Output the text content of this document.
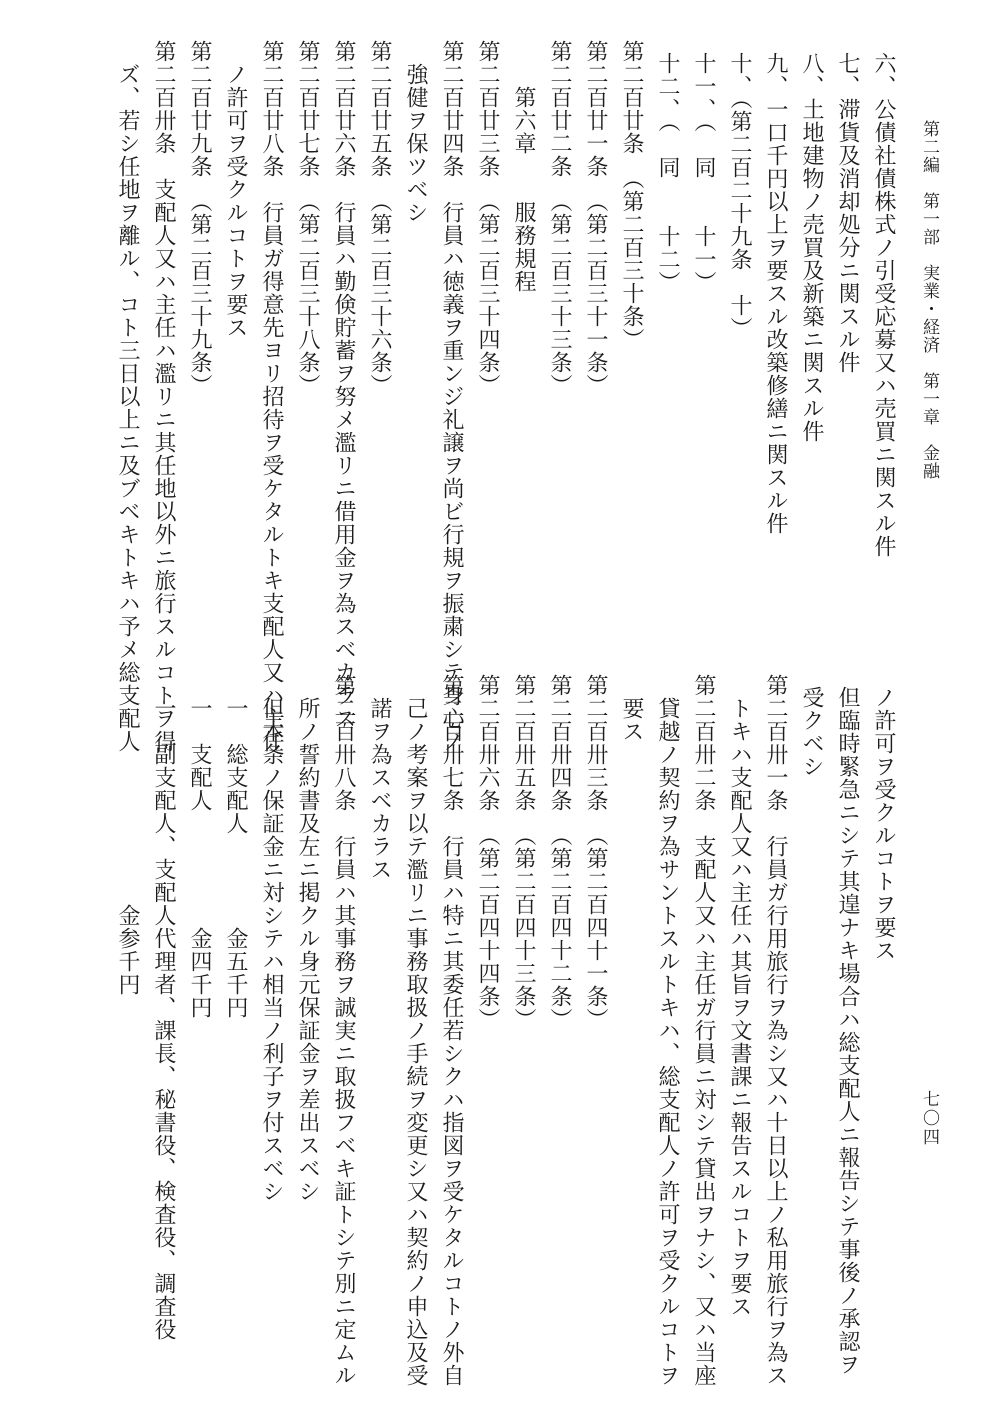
第二編　第一部　実業・経済　第一章　金融
七〇四
六、公債社債株式ノ引受応募又ハ売買ニ関スル件
七、滞貨及消却処分ニ関スル件
八、土地建物ノ売買及新築ニ関スル件
九、一口千円以上ヲ要スル改築修繕ニ関スル件
十、（第二百二十九条　十）
十一、（　同　　十一）
十二、（　同　　十二）
第二百廿条　（第二百三十条）
第二百廿一条　（第二百三十一条）
第二百廿二条　（第二百三十三条）
　　第六章　　服務規程
第二百廿三条　（第二百三十四条）
第二百廿四条　行員ハ徳義ヲ重ンジ礼譲ヲ尚ビ行規ヲ振粛シテ身心ノ
　強健ヲ保ツベシ
第二百廿五条　（第二百三十六条）
第二百廿六条　行員ハ勤倹貯蓄ヲ努メ濫リニ借用金ヲ為スベカラス
第二百廿七条　（第二百三十八条）
第二百廿八条　行員ガ得意先ヨリ招待ヲ受ケタルトキ支配人又ハ主任
　ノ許可ヲ受クルコトヲ要ス
第二百廿九条　（第二百三十九条）
第二百卅条　支配人又ハ主任ハ濫リニ其任地以外ニ旅行スルコトヲ得
　ズ、若シ任地ヲ離ル、コト三日以上ニ及ブベキトキハ予メ総支配人
ノ許可ヲ受クルコトヲ要ス
但臨時緊急ニシテ其遑ナキ場合ハ総支配人ニ報告シテ事後ノ承認ヲ
受クベシ
第二百卅一条　行員ガ行用旅行ヲ為シ又ハ十日以上ノ私用旅行ヲ為ス
　トキハ支配人又ハ主任ハ其旨ヲ文書課ニ報告スルコトヲ要ス
第二百卅二条　支配人又ハ主任ガ行員ニ対シテ貸出ヲナシ、又ハ当座
　貸越ノ契約ヲ為サントスルトキハ、総支配人ノ許可ヲ受クルコトヲ
　要ス
第二百卅三条　（第二百四十一条）
第二百卅四条　（第二百四十二条）
第二百卅五条　（第二百四十三条）
第二百卅六条　（第二百四十四条）
第二百卅七条　行員ハ特ニ其委任若シクハ指図ヲ受ケタルコトノ外自
　己ノ考案ヲ以テ濫リニ事務取扱ノ手続ヲ変更シ又ハ契約ノ申込及受
　諾ヲ為スベカラス
第二百卅八条　行員ハ其事務ヲ誠実ニ取扱フベキ証トシテ別ニ定ムル
　所ノ誓約書及左ニ掲クル身元保証金ヲ差出スベシ
　但本条ノ保証金ニ対シテハ相当ノ利子ヲ付スベシ
　一　総支配人　　　　金五千円
　一　支配人　　　　　金四千円
　一　副支配人、支配人代理者、課長、秘書役、検査役、調査役
　　　　　　　　　　金参千円
